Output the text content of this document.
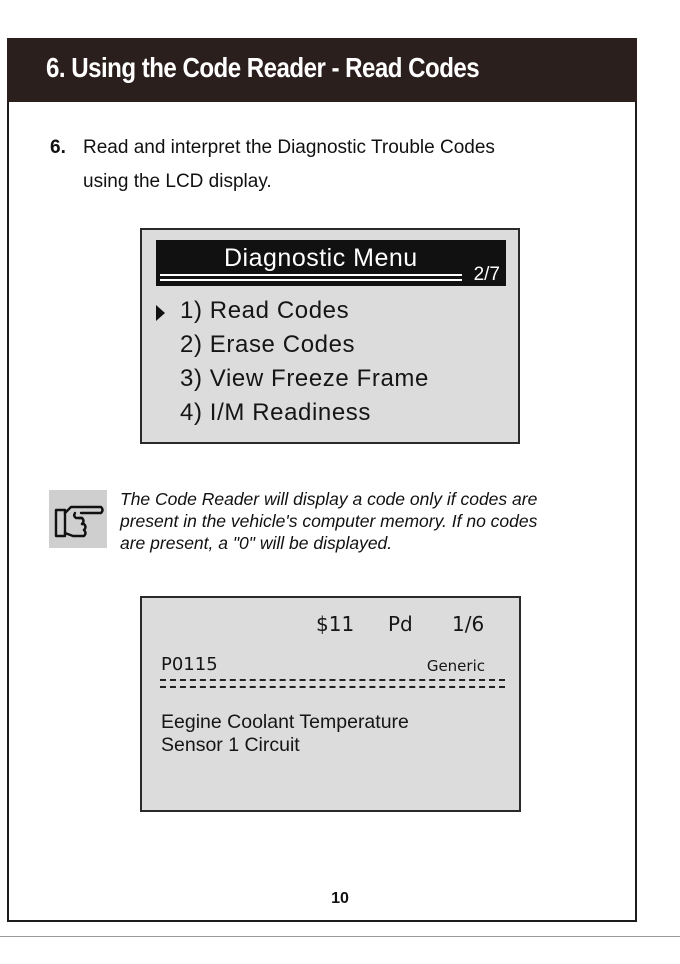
6. Using the Code Reader - Read Codes
6. Read and interpret the Diagnostic Trouble Codes
using the LCD display.
Diagnostic Menu
2/7
1) Read Codes
2) Erase Codes
3) View Freeze Frame
4) I/M Readiness
The Code Reader will display a code only if codes are
present in the vehicle's computer memory. If no codes
are present, a "0" will be displayed.
$11 Pd 1/6
P0115	Generic
Eegine Coolant Temperature
Sensor 1 Circuit
10
